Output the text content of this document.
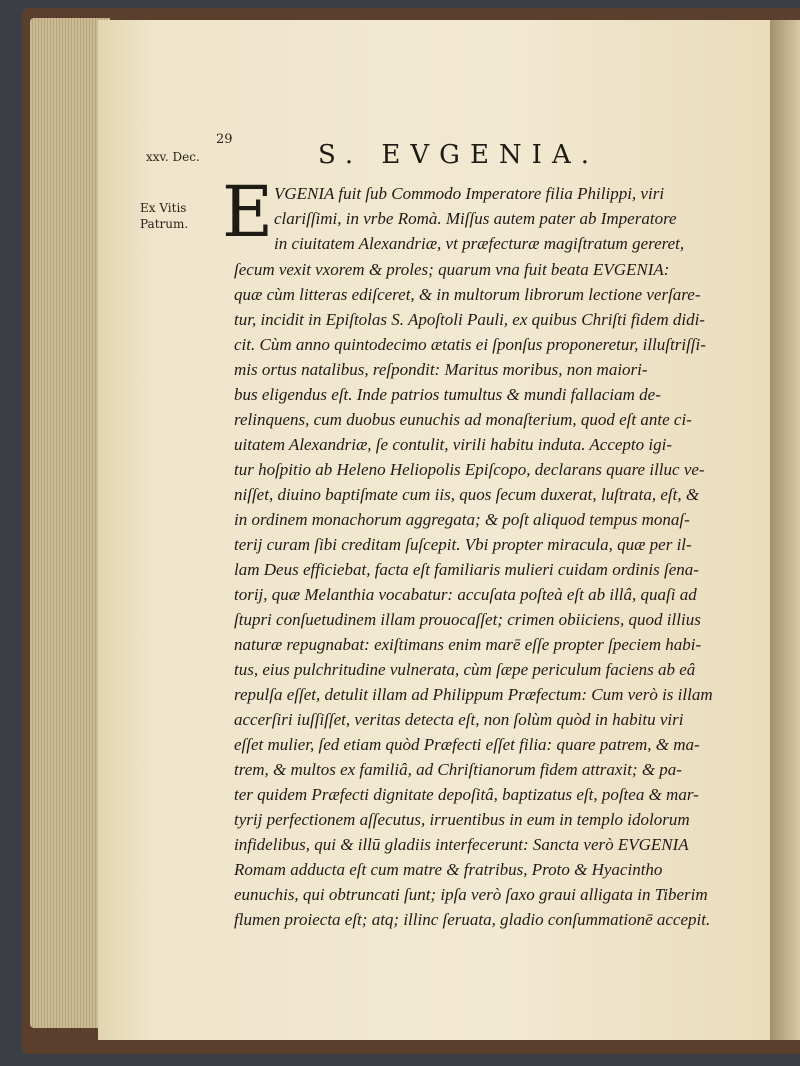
29
xxv. Dec.
Ex Vitis
Patrum.
S. EVGENIA.
E VGENIA fuit ſub Commodo Imperatore filia Philippi, viri
clariſſimi, in vrbe Romà. Miſſus autem pater ab Imperatore
in ciuitatem Alexandriæ, vt præfecturæ magiſtratum gereret,
ſecum vexit vxorem & proles; quarum vna fuit beata EVGENIA:
quæ cùm litteras ediſceret, & in multorum librorum lectione verſare-
tur, incidit in Epiſtolas S. Apoſtoli Pauli, ex quibus Chriſti fidem didi-
cit. Cùm anno quintodecimo ætatis ei ſponſus proponeretur, illuſtriſſi-
mis ortus natalibus, reſpondit: Maritus moribus, non maiori-
bus eligendus eſt. Inde patrios tumultus & mundi fallaciam de-
relinquens, cum duobus eunuchis ad monaſterium, quod eſt ante ci-
uitatem Alexandriæ, ſe contulit, virili habitu induta. Accepto igi-
tur hoſpitio ab Heleno Heliopolis Epiſcopo, declarans quare illuc ve-
niſſet, diuino baptiſmate cum iis, quos ſecum duxerat, luſtrata, eſt, &
in ordinem monachorum aggregata; & poſt aliquod tempus monaſ-
terij curam ſibi creditam ſuſcepit. Vbi propter miracula, quæ per il-
lam Deus efficiebat, facta eſt familiaris mulieri cuidam ordinis ſena-
torij, quæ Melanthia vocabatur: accuſata poſteà eſt ab illâ, quaſi ad
ſtupri conſuetudinem illam prouocaſſet; crimen obiiciens, quod illius
naturæ repugnabat: exiſtimans enim marē eſſe propter ſpeciem habi-
tus, eius pulchritudine vulnerata, cùm ſæpe periculum faciens ab eâ
repulſa eſſet, detulit illam ad Philippum Præfectum: Cum verò is illam
accerſiri iuſſiſſet, veritas detecta eſt, non ſolùm quòd in habitu viri
eſſet mulier, ſed etiam quòd Præfecti eſſet filia: quare patrem, & ma-
trem, & multos ex familiâ, ad Chriſtianorum fidem attraxit; & pa-
ter quidem Præfecti dignitate depoſitâ, baptizatus eſt, poſtea & mar-
tyrij perfectionem aſſecutus, irruentibus in eum in templo idolorum
infidelibus, qui & illū gladiis interfecerunt: Sancta verò EVGENIA
Romam adducta eſt cum matre & fratribus, Proto & Hyacintho
eunuchis, qui obtruncati ſunt; ipſa verò ſaxo graui alligata in Tiberim
flumen proiecta eſt; atq; illinc ſeruata, gladio conſummationē accepit.
